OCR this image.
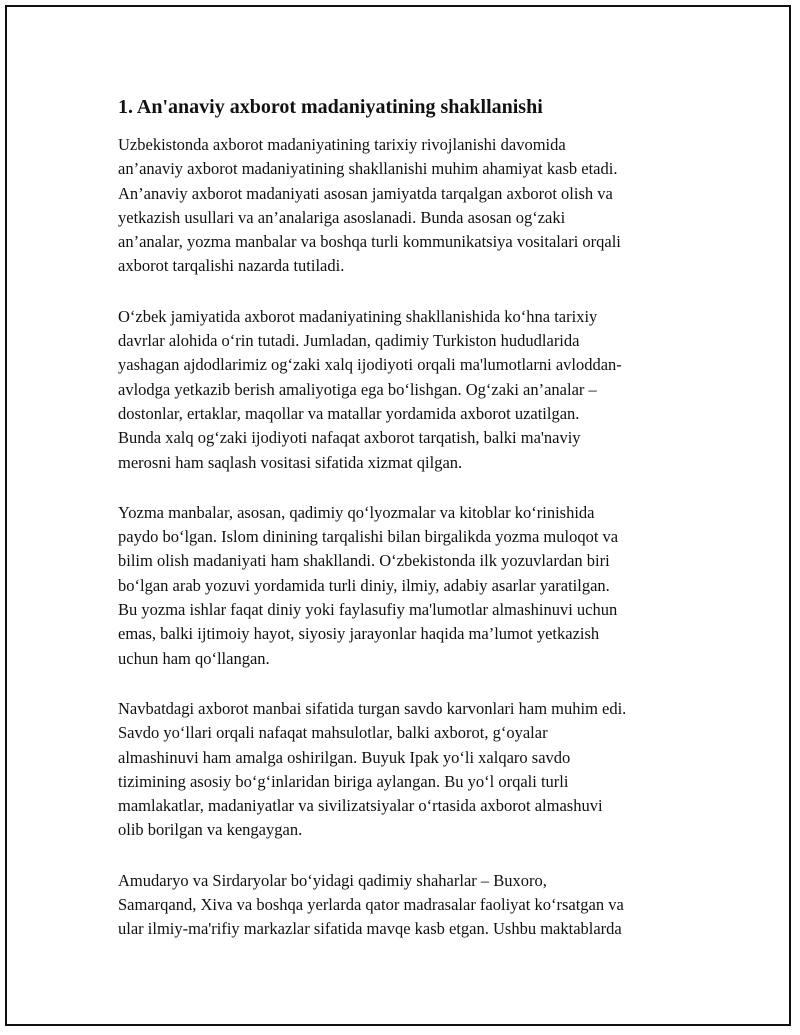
1. An'anaviy axborot madaniyatining shakllanishi
Uzbekistonda axborot madaniyatining tarixiy rivojlanishi davomida
an’anaviy axborot madaniyatining shakllanishi muhim ahamiyat kasb etadi.
An’anaviy axborot madaniyati asosan jamiyatda tarqalgan axborot olish va
yetkazish usullari va an’analariga asoslanadi. Bunda asosan og‘zaki
an’analar, yozma manbalar va boshqa turli kommunikatsiya vositalari orqali
axborot tarqalishi nazarda tutiladi.
O‘zbek jamiyatida axborot madaniyatining shakllanishida ko‘hna tarixiy
davrlar alohida o‘rin tutadi. Jumladan, qadimiy Turkiston hududlarida
yashagan ajdodlarimiz og‘zaki xalq ijodiyoti orqali ma'lumotlarni avloddan-
avlodga yetkazib berish amaliyotiga ega bo‘lishgan. Og‘zaki an’analar –
dostonlar, ertaklar, maqollar va matallar yordamida axborot uzatilgan.
Bunda xalq og‘zaki ijodiyoti nafaqat axborot tarqatish, balki ma'naviy
merosni ham saqlash vositasi sifatida xizmat qilgan.
Yozma manbalar, asosan, qadimiy qo‘lyozmalar va kitoblar ko‘rinishida
paydo bo‘lgan. Islom dinining tarqalishi bilan birgalikda yozma muloqot va
bilim olish madaniyati ham shakllandi. O‘zbekistonda ilk yozuvlardan biri
bo‘lgan arab yozuvi yordamida turli diniy, ilmiy, adabiy asarlar yaratilgan.
Bu yozma ishlar faqat diniy yoki faylasufiy ma'lumotlar almashinuvi uchun
emas, balki ijtimoiy hayot, siyosiy jarayonlar haqida ma’lumot yetkazish
uchun ham qo‘llangan.
Navbatdagi axborot manbai sifatida turgan savdo karvonlari ham muhim edi.
Savdo yo‘llari orqali nafaqat mahsulotlar, balki axborot, g‘oyalar
almashinuvi ham amalga oshirilgan. Buyuk Ipak yo‘li xalqaro savdo
tizimining asosiy bo‘g‘inlaridan biriga aylangan. Bu yo‘l orqali turli
mamlakatlar, madaniyatlar va sivilizatsiyalar o‘rtasida axborot almashuvi
olib borilgan va kengaygan.
Amudaryo va Sirdaryolar bo‘yidagi qadimiy shaharlar – Buxoro,
Samarqand, Xiva va boshqa yerlarda qator madrasalar faoliyat ko‘rsatgan va
ular ilmiy-ma'rifiy markazlar sifatida mavqe kasb etgan. Ushbu maktablarda
